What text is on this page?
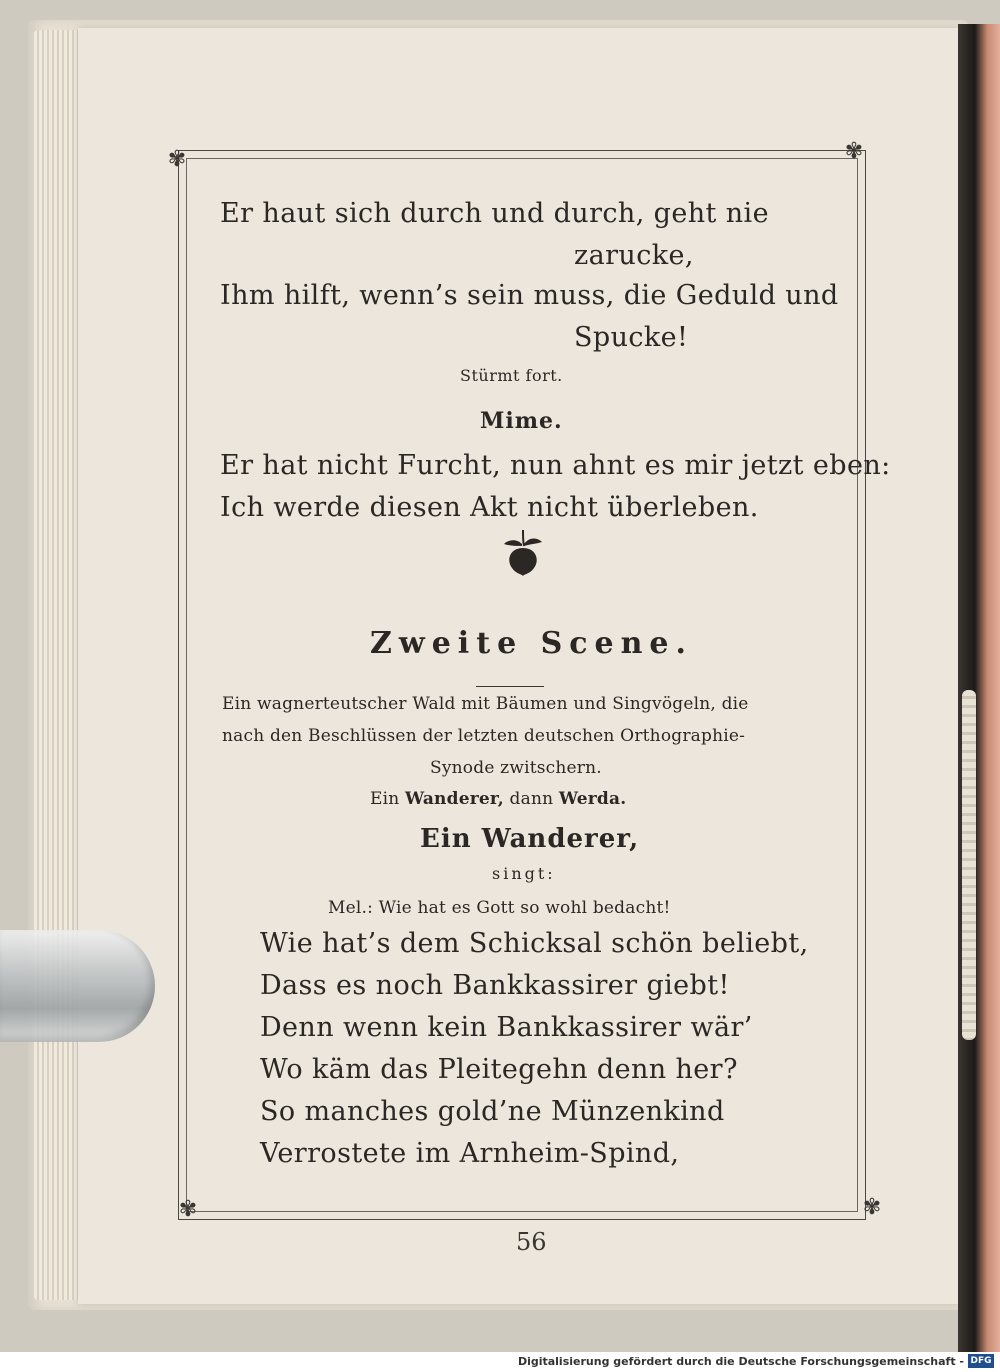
✾	✾
✾	✾
Er haut sich durch und durch, geht nie
zarucke,
Ihm hilft, wenn’s sein muss, die Geduld und
Spucke!
Stürmt fort.
Mime.
Er hat nicht Furcht, nun ahnt es mir jetzt eben:
Ich werde diesen Akt nicht überleben.
Zweite Scene.
Ein wagnerteutscher Wald mit Bäumen und Singvögeln, die
nach den Beschlüssen der letzten deutschen Orthographie-
Synode zwitschern.
Ein Wanderer, dann Werda.
Ein Wanderer,
singt:
Mel.: Wie hat es Gott so wohl bedacht!
Wie hat’s dem Schicksal schön beliebt,
Dass es noch Bankkassirer giebt!
Denn wenn kein Bankkassirer wär’
Wo käm das Pleitegehn denn her?
So manches gold’ne Münzenkind
Verrostete im Arnheim-Spind,
56
Digitalisierung gefördert durch die Deutsche Forschungsgemeinschaft - DFG
